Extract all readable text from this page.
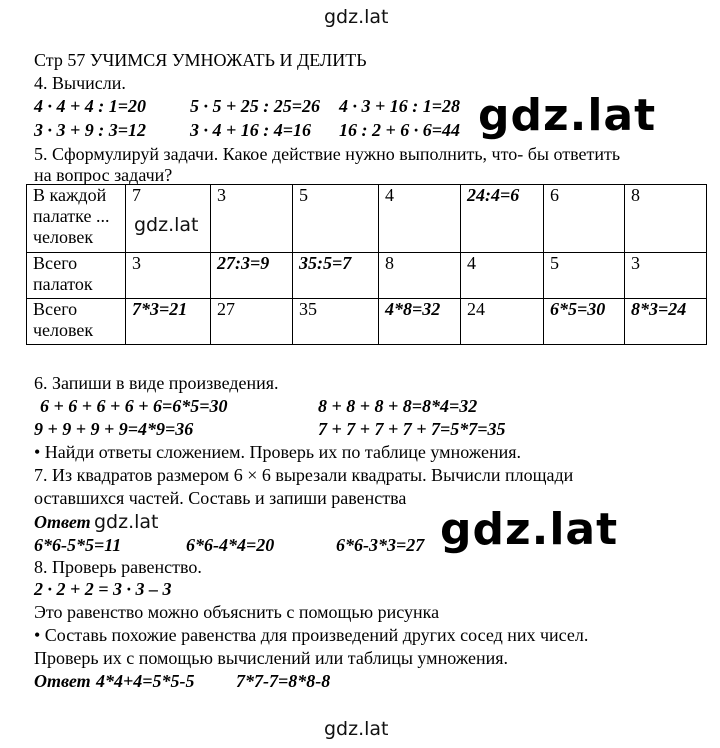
gdz.lat
gdz.lat
gdz.lat
gdz.lat
gdz.lat
Стр 57 УЧИМСЯ УМНОЖАТЬ И ДЕЛИТЬ
4. Вычисли.
4 · 4 + 4 : 1=20 5 · 5 + 25 : 25=26 4 · 3 + 16 : 1=28
3 · 3 + 9 : 3=12 3 · 4 + 16 : 4=16 16 : 2 + 6 · 6=44
5. Сформулируй задачи. Какое действие нужно выполнить, что- бы ответить
на вопрос задачи?
В каждой
палатке ...
человек	7	3	5	4	24:4=6	6	8

Всего
палаток	3	27:3=9	35:5=7	8	4	5	3

Всего
человек	7*3=21	27	35	4*8=32	24	6*5=30	8*3=24
gdz.lat
6. Запиши в виде произведения.
6 + 6 + 6 + 6 + 6=6*5=30	8 + 8 + 8 + 8=8*4=32
9 + 9 + 9 + 9=4*9=36	7 + 7 + 7 + 7 + 7=5*7=35
• Найди ответы сложением. Проверь их по таблице умножения.
7. Из квадратов размером 6 × 6 вырезали квадраты. Вычисли площади
оставшихся частей. Составь и запиши равенства
Ответ
6*6-5*5=11	6*6-4*4=20	6*6-3*3=27
8. Проверь равенство.
2 · 2 + 2 = 3 · 3 – 3
Это равенство можно объяснить с помощью рисунка
• Составь похожие равенства для произведений других сосед них чисел.
Проверь их с помощью вычислений или таблицы умножения.
Ответ 4*4+4=5*5-5 7*7-7=8*8-8
